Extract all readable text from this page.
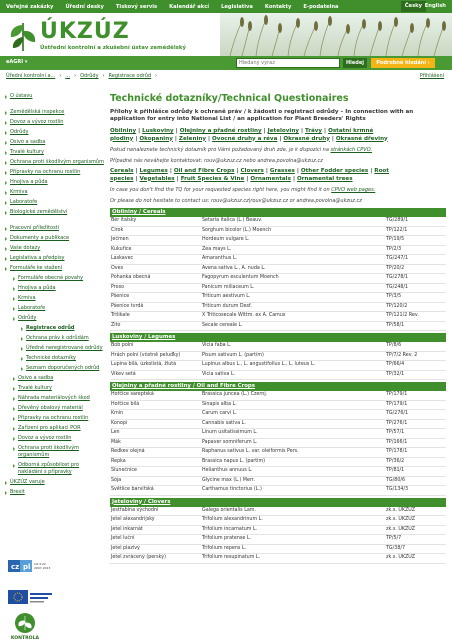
Veřejné zakázky	Úřední desky	Tiskový servis	Kalendář akcí	Legislativa	Kontakty	E-podatelna	Česky English
ÚKZÚZ
Ústřední kontrolní a zkušební ústav zemědělský
eAGRI ▾
Hledaný výraz	Hledej	Podrobné hledání ›
Úřední kontrolní a... › ... › Odrůdy › Registrace odrůd ›	Přihlášení
O ústavu
Zemědělská inspekce
Dovoz a vývoz rostlin
Odrůdy
Osivo a sadba
Trvalé kultury
Ochrana proti škodlivým organismům
Přípravky na ochranu rostlin
Hnojiva a půda
Krmiva
Laboratoře
Biologické zemědělství
Pracovní příležitosti
Dokumenty a publikace
Vaše dotazy
Legislativa a předpisy
Formuláře ke stažení
Formuláře obecné povahy
Hnojiva a půda
Krmiva
Laboratoře
Odrůdy
Registrace odrůd
Ochrana práv k odrůdám
Úředně neregistrované odrůdy
Technické dotazníky
Seznam doporučených odrůd
Osivo a sadba
Trvalé kultury
Náhrada materiálových škod
Dřevěný obalový materiál
Přípravky na ochranu rostlin
Zařízení pro aplikaci POR
Dovoz a vývoz rostlin
Ochrana proti škodlivým organismům
Odborná způsobilost pro nakládání s přípravky
ÚKZÚZ varuje
Brexit
cz pl CZ.3.22
2007-2013
KONTROLA
Technické dotazníky/Technical Questionaires
Přílohy k přihlášce odrůdy k ochraně práv / k žádosti o registraci odrůdy – In connection with an application for entry into National List / an application for Plant Breeders' Rights
Obilniny | Luskoviny | Olejniny a přadné rostliny | Jeteloviny | Trávy | Ostatní krmné plodiny | Okopaniny | Zeleniny | Ovocné druhy a réva | Okrasné druhy | Okrasné dřeviny
Pokud nenaleznete technický dotazník pro Vámi požadovaný druh zde, je k dispozici na stránkách CPVO.
Případné nás neváhejte kontaktovat: rouv@ukzuz.cz nebo andrea.povolna@ukzuz.cz
Cereals | Legumes | Oil and Fibre Crops | Clovers | Grasses | Other Fodder species | Root species | Vegetables | Fruit Species & Vine | Ornamentals | Ornamental trees
In case you don't find the TQ for your requested species right here, you might find it on CPVO web pages.
Or please do not hesitate to contact us: rouv@ukzuz.cz|rouv@ukzuz.cz or andrea.povolna@ukzuz.cz
Obilniny / Cereals
Bér italský	Setaria italica (L.) Beauv.	TG/289/1
Čirok	Sorghum bicolor (L.) Moench	TP/122/1
Ječmen	Hordeum vulgare L.	TP/19/5
Kukuřice	Zea mays L.	TP/2/3
Laskavec	Amaranthus L.	TG/247/1
Oves	Avena sativa L., A. nuda L.	TP/20/2
Pohanka obecná	Fagopyrum esculentum Moench	TG/278/1
Proso	Panicum miliaceum L.	TG/248/1
Pšenice	Triticum aestivum L.	TP/3/5
Pšenice tvrdá	Triticum durum Desf.	TP/120/2
Tritikale	X Triticosecale Wittm. ex A. Camus	TP/121/2 Rev.
Žito	Secale cereale L.	TP/58/1
Luskoviny / Legumes
Bob polní	Vicia faba L.	TP/8/6
Hrách polní (včetně peluďky)	Pisum sativum L. (partim)	TP/7/2 Rev. 2
Lupina bílá, úzkolistá, žlutá	Lupinus albus L., L. angustifolius L., L. luteus L.	TP/66/4
Vikev setá	Vicia sativa L.	TP/32/1
Olejniny a přadné rostliny / Oil and Fibre Crops
Hořčice sareptská	Brassica juncea (L.) Czernj.	TP/179/1
Hořčice bílá	Sinapis alba L.	TP/179/1
Kmín	Carum carvi L.	TG/276/1
Konopí	Cannabis sativa L.	TP/276/1
Len	Linum usitatissimum L.	TP/57/1
Mák	Papaver somniferum L.	TP/166/1
Ředkev olejná	Raphanus sativus L. var. oleiformis Pers.	TP/178/1
Řepka	Brassica napus L. (partim)	TP/36/2
Slunečnice	Helianthus annuus L.	TP/81/1
Sója	Glycine max (L.) Merr.	TG/80/6
Světlice barvířská	Carthamus tinctorius (L.)	TG/134/3
Jeteloviny / Clovers
Jestřabina východní	Galega orientalis Lam.	zk.s. ÚKZÚZ
Jetel alexandrijský	Trifolium alexandrinum L.	zk.s. ÚKZÚZ
Jetel inkarnát	Trifolium incarnatum L.	zk.s. ÚKZÚZ
Jetel luční	Trifolium pratense L.	TP/5/7
Jetel plazivý	Trifolium repens L.	TG/38/7
Jetel zvrácený (perský)	Trifolium resupinatum L.	zk.s. ÚKZÚZ
